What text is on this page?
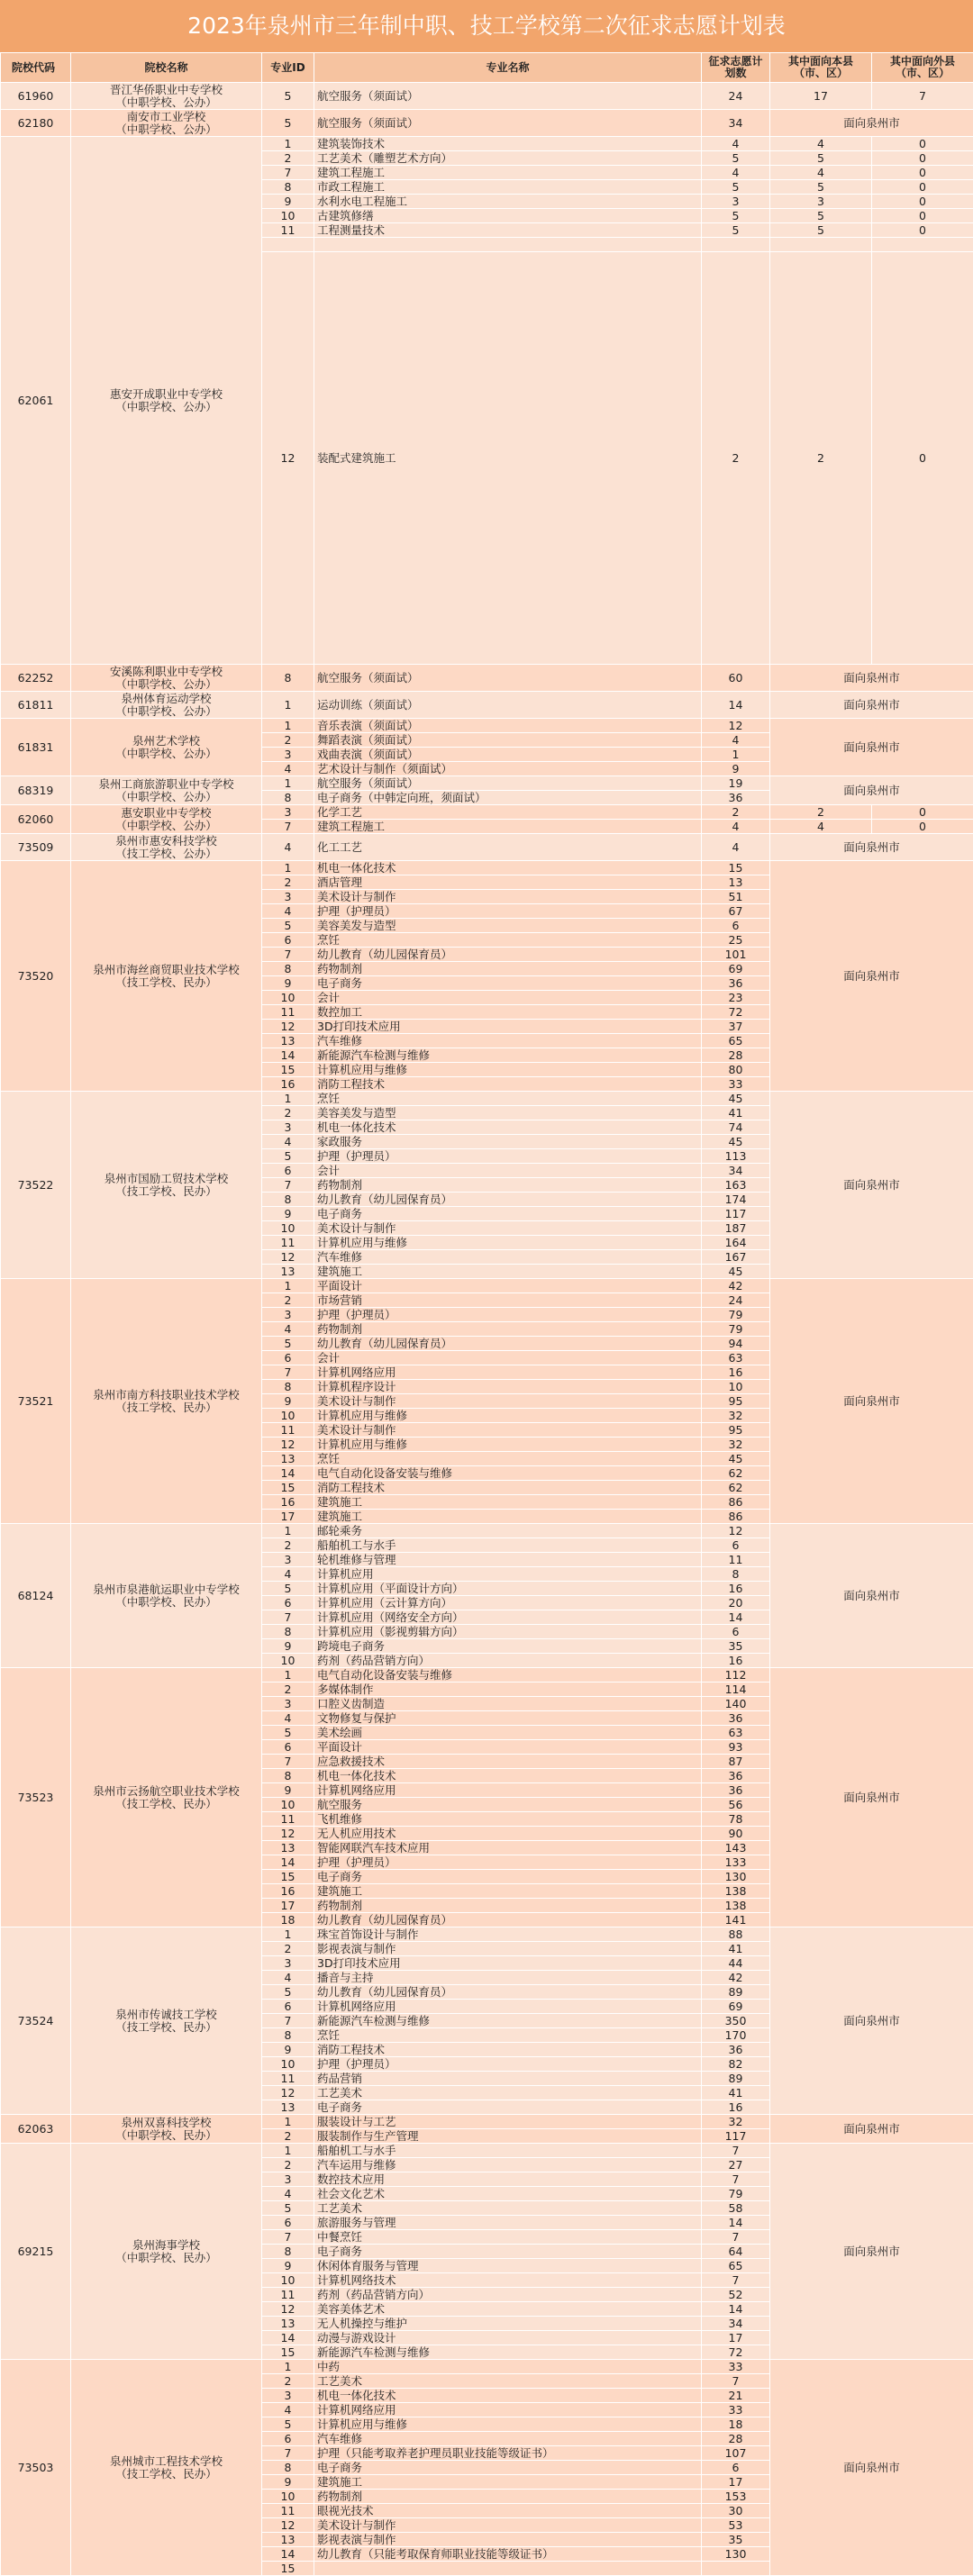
2023年泉州市三年制中职、技工学校第二次征求志愿计划表
院校代码	院校名称	专业ID	专业名称	征求志愿计划数	其中面向本县（市、区）	其中面向外县（市、区）
61960	晋江华侨职业中专学校
（中职学校、公办）	5	航空服务（须面试）	24	17	7
62180	南安市工业学校
（中职学校、公办）	5	航空服务（须面试）	34	面向泉州市	
62061	惠安开成职业中专学校
（中职学校、公办）	1	建筑装饰技术	4	4	0
		2	工艺美术（雕塑艺术方向）	5	5	0
		7	建筑工程施工	4	4	0
		8	市政工程施工	5	5	0
		9	水利水电工程施工	3	3	0
		10	古建筑修缮	5	5	0
		11	工程测量技术	5	5	0

		12	装配式建筑施工	2	2	0
62252	安溪陈利职业中专学校
（中职学校、公办）	8	航空服务（须面试）	60	面向泉州市	
61811	泉州体育运动学校
（中职学校、公办）	1	运动训练（须面试）	14	面向泉州市	
61831	泉州艺术学校
（中职学校、公办）	1	音乐表演（须面试）	12	面向泉州市	
		2	舞蹈表演（须面试）	4		
		3	戏曲表演（须面试）	1		
		4	艺术设计与制作（须面试）	9		
68319	泉州工商旅游职业中专学校
（中职学校、公办）	1	航空服务（须面试）	19	面向泉州市	
		8	电子商务（中韩定向班，须面试）	36		
62060	惠安职业中专学校
（中职学校、公办）	3	化学工艺	2	2	0
		7	建筑工程施工	4	4	0
73509	泉州市惠安科技学校
（技工学校、公办）	4	化工工艺	4	面向泉州市	
73520	泉州市海丝商贸职业技术学校
（技工学校、民办）	1	机电一体化技术	15	面向泉州市	
		2	酒店管理	13		
		3	美术设计与制作	51		
		4	护理（护理员）	67		
		5	美容美发与造型	6		
		6	烹饪	25		
		7	幼儿教育（幼儿园保育员）	101		
		8	药物制剂	69		
		9	电子商务	36		
		10	会计	23		
		11	数控加工	72		
		12	3D打印技术应用	37		
		13	汽车维修	65		
		14	新能源汽车检测与维修	28		
		15	计算机应用与维修	80		
		16	消防工程技术	33		
73522	泉州市国励工贸技术学校
（技工学校、民办）	1	烹饪	45	面向泉州市	
		2	美容美发与造型	41		
		3	机电一体化技术	74		
		4	家政服务	45		
		5	护理（护理员）	113		
		6	会计	34		
		7	药物制剂	163		
		8	幼儿教育（幼儿园保育员）	174		
		9	电子商务	117		
		10	美术设计与制作	187		
		11	计算机应用与维修	164		
		12	汽车维修	167		
		13	建筑施工	45		
73521	泉州市南方科技职业技术学校
（技工学校、民办）	1	平面设计	42	面向泉州市	
		2	市场营销	24		
		3	护理（护理员）	79		
		4	药物制剂	79		
		5	幼儿教育（幼儿园保育员）	94		
		6	会计	63		
		7	计算机网络应用	16		
		8	计算机程序设计	10		
		9	美术设计与制作	95		
		10	计算机应用与维修	32		
		11	美术设计与制作	95		
		12	计算机应用与维修	32		
		13	烹饪	45		
		14	电气自动化设备安装与维修	62		
		15	消防工程技术	62		
		16	建筑施工	86		
		17	建筑施工	86		
68124	泉州市泉港航运职业中专学校
（中职学校、民办）	1	邮轮乘务	12	面向泉州市	
		2	船舶机工与水手	6		
		3	轮机维修与管理	11		
		4	计算机应用	8		
		5	计算机应用（平面设计方向）	16		
		6	计算机应用（云计算方向）	20		
		7	计算机应用（网络安全方向）	14		
		8	计算机应用（影视剪辑方向）	6		
		9	跨境电子商务	35		
		10	药剂（药品营销方向）	16		
73523	泉州市云扬航空职业技术学校
（技工学校、民办）	1	电气自动化设备安装与维修	112	面向泉州市	
		2	多媒体制作	114		
		3	口腔义齿制造	140		
		4	文物修复与保护	36		
		5	美术绘画	63		
		6	平面设计	93		
		7	应急救援技术	87		
		8	机电一体化技术	36		
		9	计算机网络应用	36		
		10	航空服务	56		
		11	飞机维修	78		
		12	无人机应用技术	90		
		13	智能网联汽车技术应用	143		
		14	护理（护理员）	133		
		15	电子商务	130		
		16	建筑施工	138		
		17	药物制剂	138		
		18	幼儿教育（幼儿园保育员）	141		
73524	泉州市传诚技工学校
（技工学校、民办）	1	珠宝首饰设计与制作	88	面向泉州市	
		2	影视表演与制作	41		
		3	3D打印技术应用	44		
		4	播音与主持	42		
		5	幼儿教育（幼儿园保育员）	89		
		6	计算机网络应用	69		
		7	新能源汽车检测与维修	350		
		8	烹饪	170		
		9	消防工程技术	36		
		10	护理（护理员）	82		
		11	药品营销	89		
		12	工艺美术	41		
		13	电子商务	16		
62063	泉州双喜科技学校
（中职学校、民办）	1	服装设计与工艺	32	面向泉州市	
		2	服装制作与生产管理	117		
69215	泉州海事学校
（中职学校、民办）	1	船舶机工与水手	7	面向泉州市	
		2	汽车运用与维修	27		
		3	数控技术应用	7		
		4	社会文化艺术	79		
		5	工艺美术	58		
		6	旅游服务与管理	14		
		7	中餐烹饪	7		
		8	电子商务	64		
		9	休闲体育服务与管理	65		
		10	计算机网络技术	7		
		11	药剂（药品营销方向）	52		
		12	美容美体艺术	14		
		13	无人机操控与维护	34		
		14	动漫与游戏设计	17		
		15	新能源汽车检测与维修	72		
73503	泉州城市工程技术学校
（技工学校、民办）	1	中药	33	面向泉州市	
		2	工艺美术	7		
		3	机电一体化技术	21		
		4	计算机网络应用	33		
		5	计算机应用与维修	18		
		6	汽车维修	28		
		7	护理（只能考取养老护理员职业技能等级证书）	107		
		8	电子商务	6		
		9	建筑施工	17		
		10	药物制剂	153		
		11	眼视光技术	30		
		12	美术设计与制作	53		
		13	影视表演与制作	35		
		14	幼儿教育（只能考取保育师职业技能等级证书）	130		
		15				
